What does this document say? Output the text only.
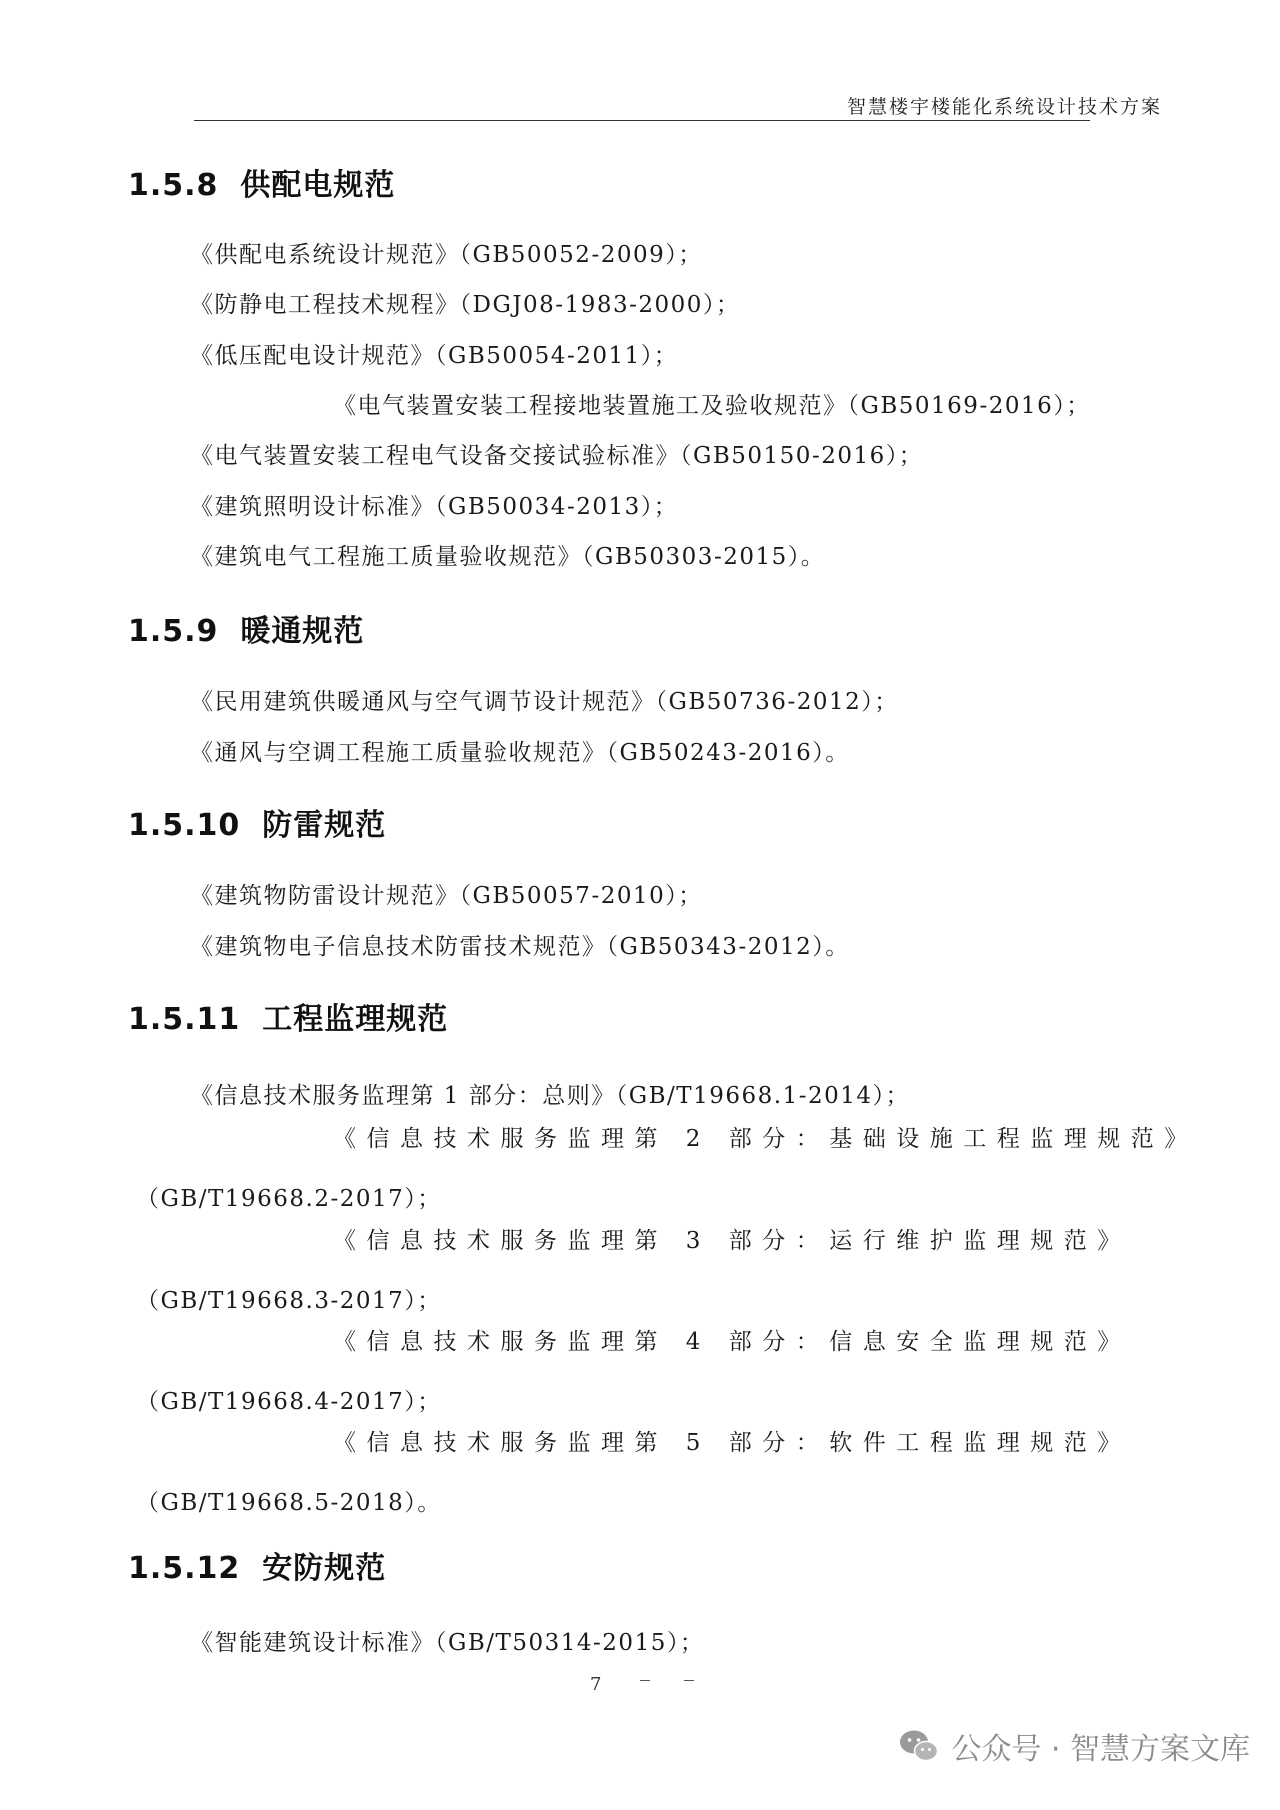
智慧楼宇楼能化系统设计技术方案
1.5.8 供配电规范
《供配电系统设计规范》（GB50052-2009）；
《防静电工程技术规程》（DGJ08-1983-2000）；
《低压配电设计规范》（GB50054-2011）；
《电气装置安装工程接地装置施工及验收规范》（GB50169-2016）；
《电气装置安装工程电气设备交接试验标准》（GB50150-2016）；
《建筑照明设计标准》（GB50034-2013）；
《建筑电气工程施工质量验收规范》（GB50303-2015）。
1.5.9 暖通规范
《民用建筑供暖通风与空气调节设计规范》（GB50736-2012）；
《通风与空调工程施工质量验收规范》（GB50243-2016）。
1.5.10 防雷规范
《建筑物防雷设计规范》（GB50057-2010）；
《建筑物电子信息技术防雷技术规范》（GB50343-2012）。
1.5.11 工程监理规范
《信息技术服务监理第 1 部分：总则》（GB/T19668.1-2014）；
《信息技术服务监理第 2 部分：基础设施工程监理规范》
（GB/T19668.2-2017）；
《信息技术服务监理第 3 部分：运行维护监理规范》
（GB/T19668.3-2017）；
《信息技术服务监理第 4 部分：信息安全监理规范》
（GB/T19668.4-2017）；
《信息技术服务监理第 5 部分：软件工程监理规范》
（GB/T19668.5-2018）。
1.5.12 安防规范
《智能建筑设计标准》（GB/T50314-2015）；
7
公众号 · 智慧方案文库
